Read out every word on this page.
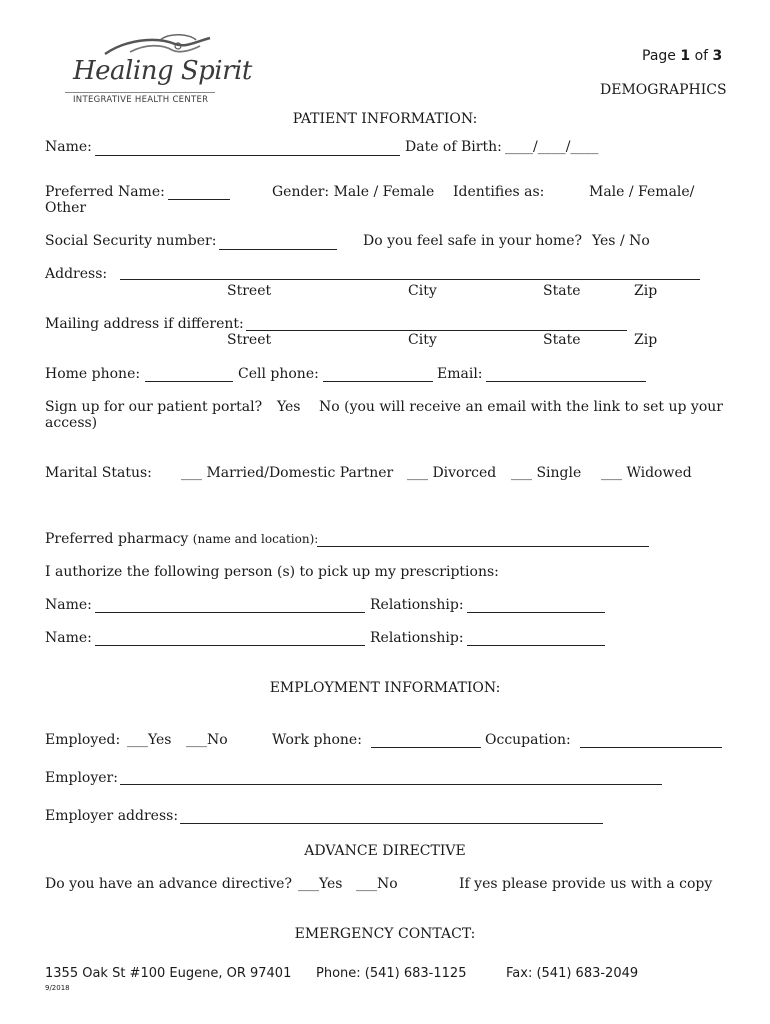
Healing Spirit
INTEGRATIVE HEALTH CENTER
Page 1 of 3
DEMOGRAPHICS
PATIENT INFORMATION:
Name:	Date of Birth: ____/____/____
Preferred Name:	Gender: Male / Female Identifies as:	Male / Female/
Other
Social Security number:	Do you feel safe in your home? Yes / No
Address:
Street	City	State	Zip
Mailing address if different:
Street	City	State	Zip
Home phone:	Cell phone:	Email:
Sign up for our patient portal? Yes No (you will receive an email with the link to set up your
access)
Marital Status: ___ Married/Domestic Partner ___ Divorced ___ Single ___ Widowed
Preferred pharmacy (name and location):
I authorize the following person (s) to pick up my prescriptions:
Name:	Relationship:
Name:	Relationship:
EMPLOYMENT INFORMATION:
Employed: ___Yes ___No	Work phone:	Occupation:
Employer:
Employer address:
ADVANCE DIRECTIVE
Do you have an advance directive? ___Yes ___No	If yes please provide us with a copy
EMERGENCY CONTACT:
1355 Oak St #100 Eugene, OR 97401 Phone: (541) 683-1125	Fax: (541) 683-2049
9/2018
